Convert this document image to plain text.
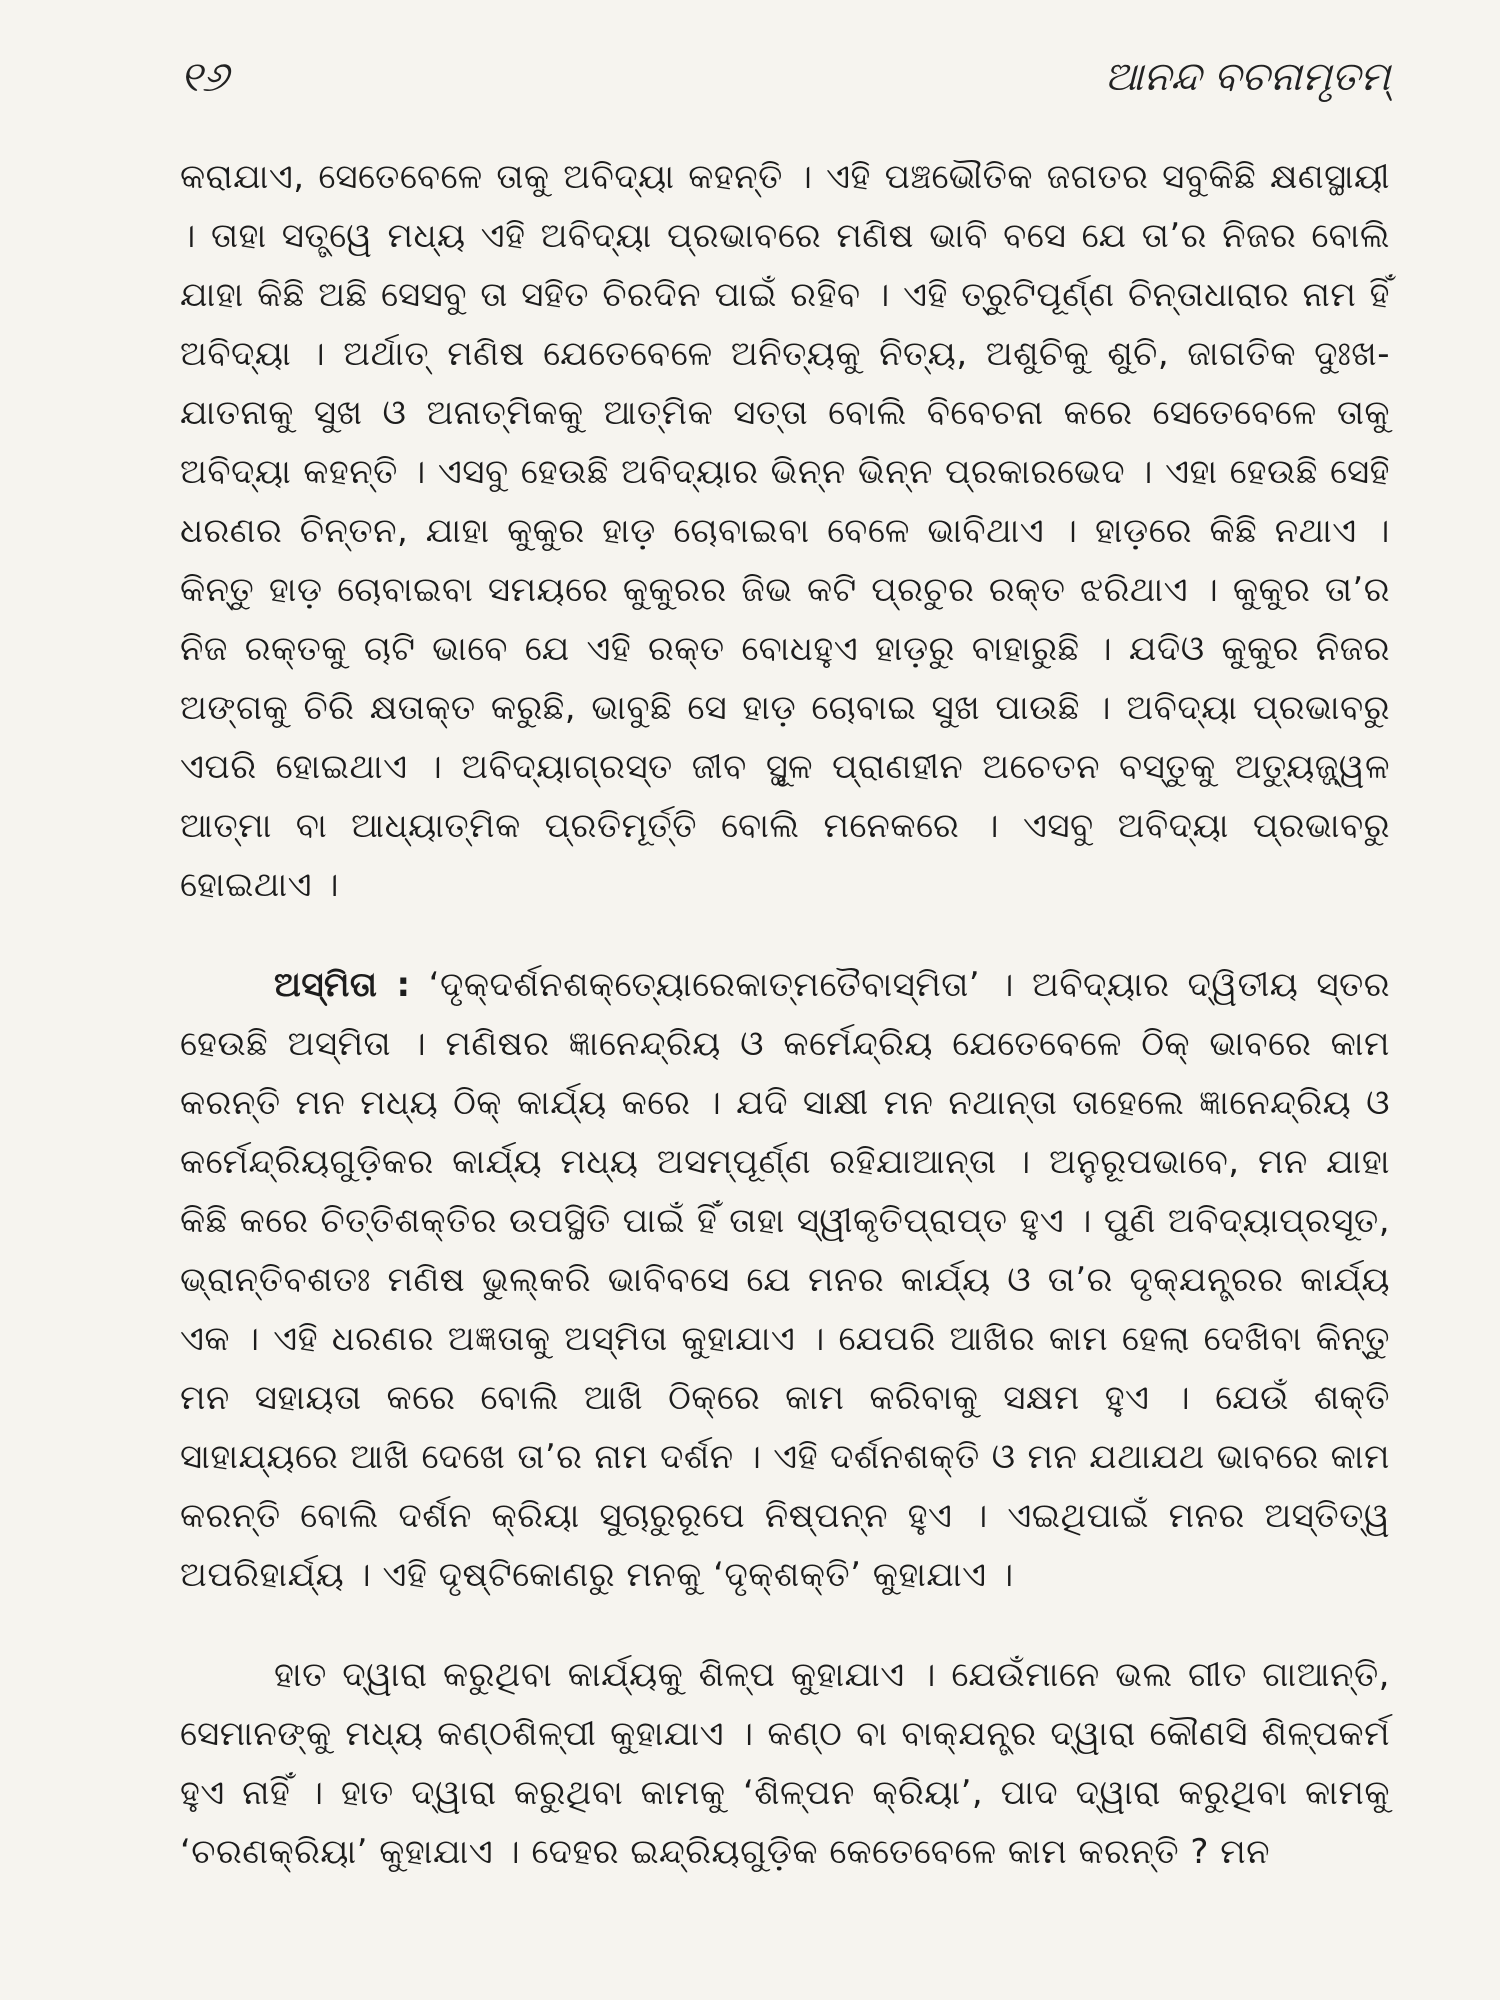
୧୬	ଆନନ୍ଦ ବଚନାମୃତମ୍

କରାଯାଏ, ସେତେବେଳେ ତାକୁ ଅବିଦ୍ୟା କହନ୍ତି । ଏହି ପଞ୍ଚଭୌତିକ ଜଗତର ସବୁକିଛି କ୍ଷଣସ୍ଥାୟୀ । ତାହା ସତ୍ତ୍ୱେ ମଧ୍ୟ ଏହି ଅବିଦ୍ୟା ପ୍ରଭାବରେ ମଣିଷ ଭାବି ବସେ ଯେ ତା’ର ନିଜର ବୋଲି ଯାହା କିଛି ଅଛି ସେସବୁ ତା ସହିତ ଚିରଦିନ ପାଇଁ ରହିବ । ଏହି ତ୍ରୁଟିପୂର୍ଣ୍ଣ ଚିନ୍ତାଧାରାର ନାମ ହିଁ ଅବିଦ୍ୟା । ଅର୍ଥାତ୍ ମଣିଷ ଯେତେବେଳେ ଅନିତ୍ୟକୁ ନିତ୍ୟ, ଅଶୁଚିକୁ ଶୁଚି, ଜାଗତିକ ଦୁଃଖ-ଯାତନାକୁ ସୁଖ ଓ ଅନାତ୍ମିକକୁ ଆତ୍ମିକ ସତ୍ତା ବୋଲି ବିବେଚନା କରେ ସେତେବେଳେ ତାକୁ ଅବିଦ୍ୟା କହନ୍ତି । ଏସବୁ ହେଉଛି ଅବିଦ୍ୟାର ଭିନ୍ନ ଭିନ୍ନ ପ୍ରକାରଭେଦ । ଏହା ହେଉଛି ସେହି ଧରଣର ଚିନ୍ତନ, ଯାହା କୁକୁର ହାଡ଼ ଚୋବାଇବା ବେଳେ ଭାବିଥାଏ । ହାଡ଼ରେ କିଛି ନଥାଏ । କିନ୍ତୁ ହାଡ଼ ଚୋବାଇବା ସମୟରେ କୁକୁରର ଜିଭ କଟି ପ୍ରଚୁର ରକ୍ତ ଝରିଥାଏ । କୁକୁର ତା’ର ନିଜ ରକ୍ତକୁ ଚାଟି ଭାବେ ଯେ ଏହି ରକ୍ତ ବୋଧହୁଏ ହାଡ଼ରୁ ବାହାରୁଛି । ଯଦିଓ କୁକୁର ନିଜର ଅଙ୍ଗକୁ ଚିରି କ୍ଷତାକ୍ତ କରୁଛି, ଭାବୁଛି ସେ ହାଡ଼ ଚୋବାଇ ସୁଖ ପାଉଛି । ଅବିଦ୍ୟା ପ୍ରଭାବରୁ ଏପରି ହୋଇଥାଏ । ଅବିଦ୍ୟାଗ୍ରସ୍ତ ଜୀବ ସ୍ଥୂଳ ପ୍ରାଣହୀନ ଅଚେତନ ବସ୍ତୁକୁ ଅତ୍ୟୁଜ୍ଜ୍ୱଳ ଆତ୍ମା ବା ଆଧ୍ୟାତ୍ମିକ ପ୍ରତିମୂର୍ତ୍ତି ବୋଲି ମନେକରେ । ଏସବୁ ଅବିଦ୍ୟା ପ୍ରଭାବରୁ ହୋଇଥାଏ ।

ଅସ୍ମିତା : ‘ଦୃକ୍‌ଦର୍ଶନଶକ୍ତ୍ୟୋରେକାତ୍ମତୈବାସ୍ମିତା’ । ଅବିଦ୍ୟାର ଦ୍ୱିତୀୟ ସ୍ତର ହେଉଛି ଅସ୍ମିତା । ମଣିଷର ଜ୍ଞାନେନ୍ଦ୍ରିୟ ଓ କର୍ମେନ୍ଦ୍ରିୟ ଯେତେବେଳେ ଠିକ୍ ଭାବରେ କାମ କରନ୍ତି ମନ ମଧ୍ୟ ଠିକ୍ କାର୍ଯ୍ୟ କରେ । ଯଦି ସାକ୍ଷୀ ମନ ନଥାନ୍ତା ତାହେଲେ ଜ୍ଞାନେନ୍ଦ୍ରିୟ ଓ କର୍ମେନ୍ଦ୍ରିୟଗୁଡ଼ିକର କାର୍ଯ୍ୟ ମଧ୍ୟ ଅସମ୍ପୂର୍ଣ୍ଣ ରହିଯାଆନ୍ତା । ଅନୁରୂପଭାବେ, ମନ ଯାହା କିଛି କରେ ଚିତ୍ତିଶକ୍ତିର ଉପସ୍ଥିତି ପାଇଁ ହିଁ ତାହା ସ୍ୱୀକୃତିପ୍ରାପ୍ତ ହୁଏ । ପୁଣି ଅବିଦ୍ୟାପ୍ରସୂତ, ଭ୍ରାନ୍ତିବଶତଃ ମଣିଷ ଭୁଲ୍‌କରି ଭାବିବସେ ଯେ ମନର କାର୍ଯ୍ୟ ଓ ତା’ର ଦୃକ୍‌ଯନ୍ତ୍ରର କାର୍ଯ୍ୟ ଏକ । ଏହି ଧରଣର ଅଜ୍ଞତାକୁ ଅସ୍ମିତା କୁହାଯାଏ । ଯେପରି ଆଖିର କାମ ହେଲା ଦେଖିବା କିନ୍ତୁ ମନ ସହାୟତା କରେ ବୋଲି ଆଖି ଠିକ୍‌ରେ କାମ କରିବାକୁ ସକ୍ଷମ ହୁଏ । ଯେଉଁ ଶକ୍ତି ସାହାଯ୍ୟରେ ଆଖି ଦେଖେ ତା’ର ନାମ ଦର୍ଶନ । ଏହି ଦର୍ଶନଶକ୍ତି ଓ ମନ ଯଥାଯଥ ଭାବରେ କାମ କରନ୍ତି ବୋଲି ଦର୍ଶନ କ୍ରିୟା ସୁଚାରୁରୂପେ ନିଷ୍ପନ୍ନ ହୁଏ । ଏଇଥିପାଇଁ ମନର ଅସ୍ତିତ୍ୱ ଅପରିହାର୍ଯ୍ୟ । ଏହି ଦୃଷ୍ଟିକୋଣରୁ ମନକୁ ‘ଦୃକ୍‌ଶକ୍ତି’ କୁହାଯାଏ ।

ହାତ ଦ୍ୱାରା କରୁଥିବା କାର୍ଯ୍ୟକୁ ଶିଳ୍ପ କୁହାଯାଏ । ଯେଉଁମାନେ ଭଲ ଗୀତ ଗାଆନ୍ତି, ସେମାନଙ୍କୁ ମଧ୍ୟ କଣ୍ଠଶିଳ୍ପୀ କୁହାଯାଏ । କଣ୍ଠ ବା ବାକ୍‌ଯନ୍ତ୍ର ଦ୍ୱାରା କୌଣସି ଶିଳ୍ପକର୍ମ ହୁଏ ନାହିଁ । ହାତ ଦ୍ୱାରା କରୁଥିବା କାମକୁ ‘ଶିଳ୍ପନ କ୍ରିୟା’, ପାଦ ଦ୍ୱାରା କରୁଥିବା କାମକୁ ‘ଚରଣକ୍ରିୟା’ କୁହାଯାଏ । ଦେହର ଇନ୍ଦ୍ରିୟଗୁଡ଼ିକ କେତେବେଳେ କାମ କରନ୍ତି ? ମନ
